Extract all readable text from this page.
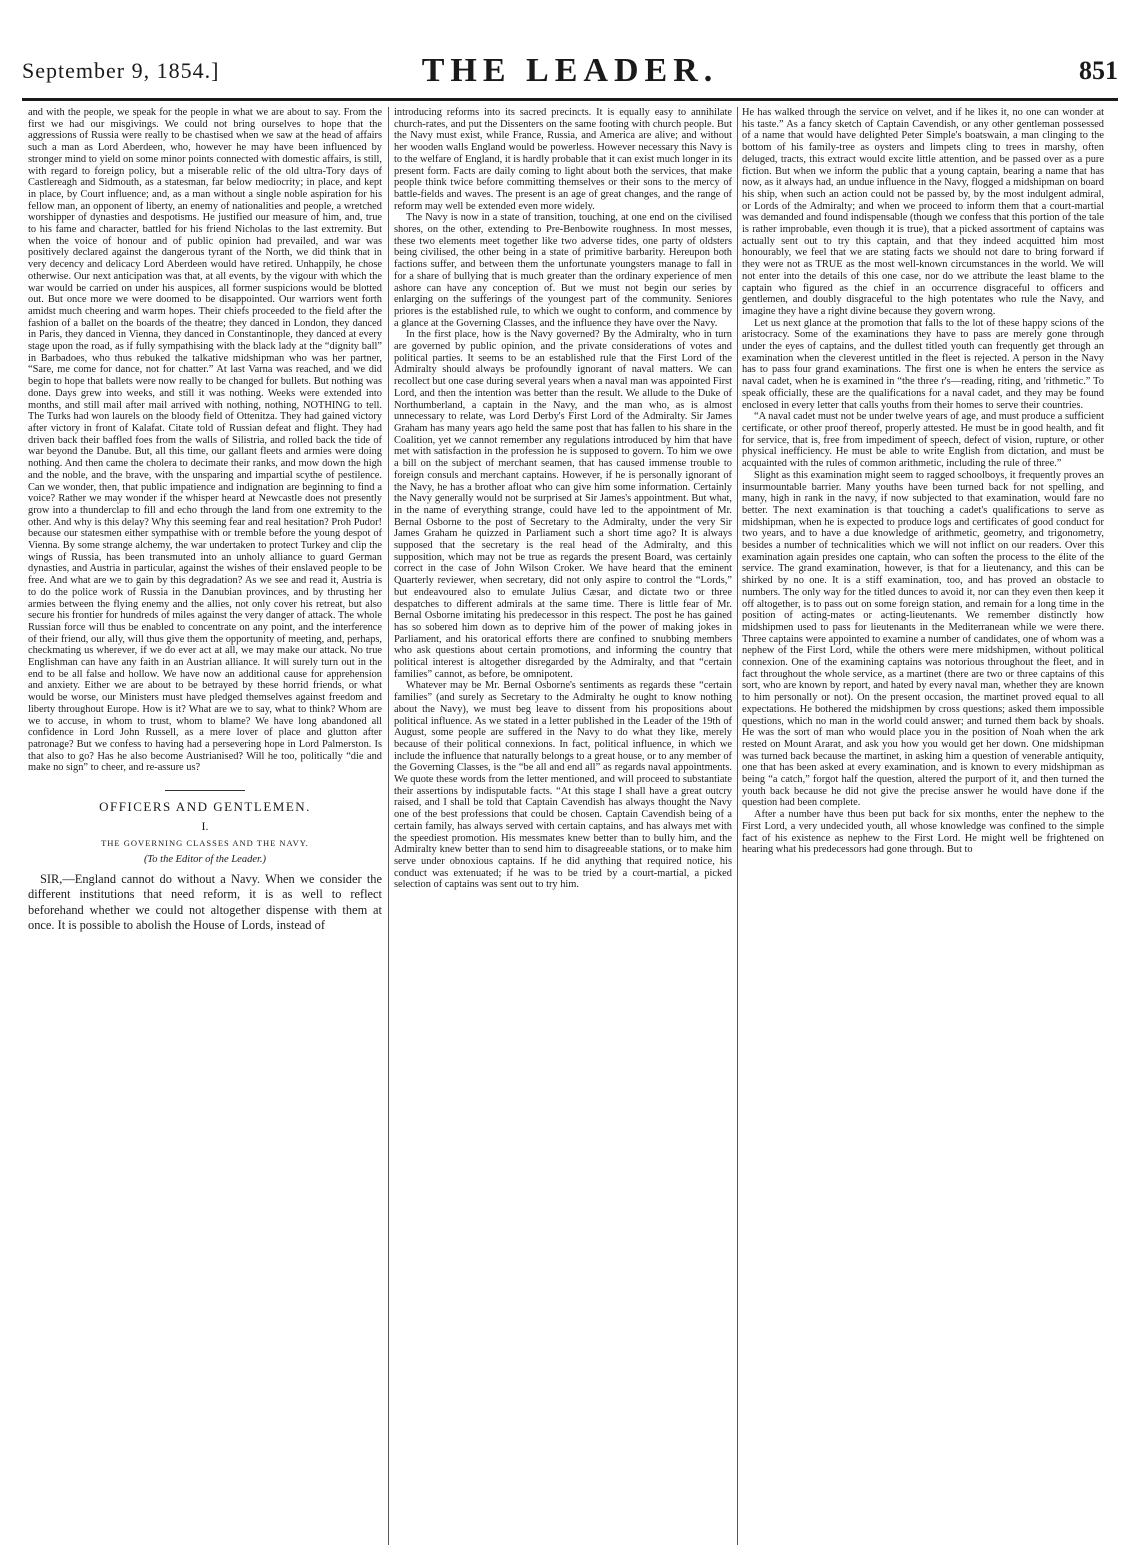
September 9, 1854.]	THE LEADER.	851

and with the people, we speak for the people in what we are about to say. From the first we had our misgivings. We could not bring ourselves to hope that the aggressions of Russia were really to be chastised when we saw at the head of affairs such a man as Lord Aberdeen, who, however he may have been influenced by stronger mind to yield on some minor points connected with domestic affairs, is still, with regard to foreign policy, but a miserable relic of the old ultra-Tory days of Castlereagh and Sidmouth, as a statesman, far below mediocrity; in place, and kept in place, by Court influence; and, as a man without a single noble aspiration for his fellow man, an opponent of liberty, an enemy of nationalities and people, a wretched worshipper of dynasties and despotisms. He justified our measure of him, and, true to his fame and character, battled for his friend Nicholas to the last extremity. But when the voice of honour and of public opinion had prevailed, and war was positively declared against the dangerous tyrant of the North, we did think that in very decency and delicacy Lord Aberdeen would have retired. Unhappily, he chose otherwise. Our next anticipation was that, at all events, by the vigour with which the war would be carried on under his auspices, all former suspicions would be blotted out. But once more we were doomed to be disappointed. Our warriors went forth amidst much cheering and warm hopes. Their chiefs proceeded to the field after the fashion of a ballet on the boards of the theatre; they danced in London, they danced in Paris, they danced in Vienna, they danced in Constantinople, they danced at every stage upon the road, as if fully sympathising with the black lady at the “dignity ball” in Barbadoes, who thus rebuked the talkative midshipman who was her partner, “Sare, me come for dance, not for chatter.” At last Varna was reached, and we did begin to hope that ballets were now really to be changed for bullets. But nothing was done. Days grew into weeks, and still it was nothing. Weeks were extended into months, and still mail after mail arrived with nothing, nothing, NOTHING to tell. The Turks had won laurels on the bloody field of Ottenitza. They had gained victory after victory in front of Kalafat. Citate told of Russian defeat and flight. They had driven back their baffled foes from the walls of Silistria, and rolled back the tide of war beyond the Danube. But, all this time, our gallant fleets and armies were doing nothing. And then came the cholera to decimate their ranks, and mow down the high and the noble, and the brave, with the unsparing and impartial scythe of pestilence. Can we wonder, then, that public impatience and indignation are beginning to find a voice? Rather we may wonder if the whisper heard at Newcastle does not presently grow into a thunderclap to fill and echo through the land from one extremity to the other. And why is this delay? Why this seeming fear and real hesitation? Proh Pudor! because our statesmen either sympathise with or tremble before the young despot of Vienna. By some strange alchemy, the war undertaken to protect Turkey and clip the wings of Russia, has been transmuted into an unholy alliance to guard German dynasties, and Austria in particular, against the wishes of their enslaved people to be free. And what are we to gain by this degradation? As we see and read it, Austria is to do the police work of Russia in the Danubian provinces, and by thrusting her armies between the flying enemy and the allies, not only cover his retreat, but also secure his frontier for hundreds of miles against the very danger of attack. The whole Russian force will thus be enabled to concentrate on any point, and the interference of their friend, our ally, will thus give them the opportunity of meeting, and, perhaps, checkmating us wherever, if we do ever act at all, we may make our attack. No true Englishman can have any faith in an Austrian alliance. It will surely turn out in the end to be all false and hollow. We have now an additional cause for apprehension and anxiety. Either we are about to be betrayed by these horrid friends, or what would be worse, our Ministers must have pledged themselves against freedom and liberty throughout Europe. How is it? What are we to say, what to think? Whom are we to accuse, in whom to trust, whom to blame? We have long abandoned all confidence in Lord John Russell, as a mere lover of place and glutton after patronage? But we confess to having had a persevering hope in Lord Palmerston. Is that also to go? Has he also become Austrianised? Will he too, politically “die and make no sign” to cheer, and re-assure us?

OFFICERS AND GENTLEMEN.
I.
THE GOVERNING CLASSES AND THE NAVY.
(To the Editor of the Leader.)

SIR,—England cannot do without a Navy. When we consider the different institutions that need reform, it is as well to reflect beforehand whether we could not altogether dispense with them at once. It is possible to abolish the House of Lords, instead of

introducing reforms into its sacred precincts. It is equally easy to annihilate church-rates, and put the Dissenters on the same footing with church people. But the Navy must exist, while France, Russia, and America are alive; and without her wooden walls England would be powerless. However necessary this Navy is to the welfare of England, it is hardly probable that it can exist much longer in its present form. Facts are daily coming to light about both the services, that make people think twice before committing themselves or their sons to the mercy of battle-fields and waves. The present is an age of great changes, and the range of reform may well be extended even more widely.

The Navy is now in a state of transition, touching, at one end on the civilised shores, on the other, extending to Pre-Benbowite roughness. In most messes, these two elements meet together like two adverse tides, one party of oldsters being civilised, the other being in a state of primitive barbarity. Hereupon both factions suffer, and between them the unfortunate youngsters manage to fall in for a share of bullying that is much greater than the ordinary experience of men ashore can have any conception of. But we must not begin our series by enlarging on the sufferings of the youngest part of the community. Seniores priores is the established rule, to which we ought to conform, and commence by a glance at the Governing Classes, and the influence they have over the Navy.

In the first place, how is the Navy governed? By the Admiralty, who in turn are governed by public opinion, and the private considerations of votes and political parties. It seems to be an established rule that the First Lord of the Admiralty should always be profoundly ignorant of naval matters. We can recollect but one case during several years when a naval man was appointed First Lord, and then the intention was better than the result. We allude to the Duke of Northumberland, a captain in the Navy, and the man who, as is almost unnecessary to relate, was Lord Derby's First Lord of the Admiralty. Sir James Graham has many years ago held the same post that has fallen to his share in the Coalition, yet we cannot remember any regulations introduced by him that have met with satisfaction in the profession he is supposed to govern. To him we owe a bill on the subject of merchant seamen, that has caused immense trouble to foreign consuls and merchant captains. However, if he is personally ignorant of the Navy, he has a brother afloat who can give him some information. Certainly the Navy generally would not be surprised at Sir James's appointment. But what, in the name of everything strange, could have led to the appointment of Mr. Bernal Osborne to the post of Secretary to the Admiralty, under the very Sir James Graham he quizzed in Parliament such a short time ago? It is always supposed that the secretary is the real head of the Admiralty, and this supposition, which may not be true as regards the present Board, was certainly correct in the case of John Wilson Croker. We have heard that the eminent Quarterly reviewer, when secretary, did not only aspire to control the “Lords,” but endeavoured also to emulate Julius Cæsar, and dictate two or three despatches to different admirals at the same time. There is little fear of Mr. Bernal Osborne imitating his predecessor in this respect. The post he has gained has so sobered him down as to deprive him of the power of making jokes in Parliament, and his oratorical efforts there are confined to snubbing members who ask questions about certain promotions, and informing the country that political interest is altogether disregarded by the Admiralty, and that “certain families” cannot, as before, be omnipotent.

Whatever may be Mr. Bernal Osborne's sentiments as regards these “certain families” (and surely as Secretary to the Admiralty he ought to know nothing about the Navy), we must beg leave to dissent from his propositions about political influence. As we stated in a letter published in the Leader of the 19th of August, some people are suffered in the Navy to do what they like, merely because of their political connexions. In fact, political influence, in which we include the influence that naturally belongs to a great house, or to any member of the Governing Classes, is the “be all and end all” as regards naval appointments. We quote these words from the letter mentioned, and will proceed to substantiate their assertions by indisputable facts. “At this stage I shall have a great outcry raised, and I shall be told that Captain Cavendish has always thought the Navy one of the best professions that could be chosen. Captain Cavendish being of a certain family, has always served with certain captains, and has always met with the speediest promotion. His messmates knew better than to bully him, and the Admiralty knew better than to send him to disagreeable stations, or to make him serve under obnoxious captains. If he did anything that required notice, his conduct was extenuated; if he was to be tried by a court-martial, a picked selection of captains was sent out to try him.

He has walked through the service on velvet, and if he likes it, no one can wonder at his taste.” As a fancy sketch of Captain Cavendish, or any other gentleman possessed of a name that would have delighted Peter Simple's boatswain, a man clinging to the bottom of his family-tree as oysters and limpets cling to trees in marshy, often deluged, tracts, this extract would excite little attention, and be passed over as a pure fiction. But when we inform the public that a young captain, bearing a name that has now, as it always had, an undue influence in the Navy, flogged a midshipman on board his ship, when such an action could not be passed by, by the most indulgent admiral, or Lords of the Admiralty; and when we proceed to inform them that a court-martial was demanded and found indispensable (though we confess that this portion of the tale is rather improbable, even though it is true), that a picked assortment of captains was actually sent out to try this captain, and that they indeed acquitted him most honourably, we feel that we are stating facts we should not dare to bring forward if they were not as TRUE as the most well-known circumstances in the world. We will not enter into the details of this one case, nor do we attribute the least blame to the captain who figured as the chief in an occurrence disgraceful to officers and gentlemen, and doubly disgraceful to the high potentates who rule the Navy, and imagine they have a right divine because they govern wrong.

Let us next glance at the promotion that falls to the lot of these happy scions of the aristocracy. Some of the examinations they have to pass are merely gone through under the eyes of captains, and the dullest titled youth can frequently get through an examination when the cleverest untitled in the fleet is rejected. A person in the Navy has to pass four grand examinations. The first one is when he enters the service as naval cadet, when he is examined in “the three r's—reading, riting, and 'rithmetic.” To speak officially, these are the qualifications for a naval cadet, and they may be found enclosed in every letter that calls youths from their homes to serve their countries.

“A naval cadet must not be under twelve years of age, and must produce a sufficient certificate, or other proof thereof, properly attested. He must be in good health, and fit for service, that is, free from impediment of speech, defect of vision, rupture, or other physical inefficiency. He must be able to write English from dictation, and must be acquainted with the rules of common arithmetic, including the rule of three.”

Slight as this examination might seem to ragged schoolboys, it frequently proves an insurmountable barrier. Many youths have been turned back for not spelling, and many, high in rank in the navy, if now subjected to that examination, would fare no better. The next examination is that touching a cadet's qualifications to serve as midshipman, when he is expected to produce logs and certificates of good conduct for two years, and to have a due knowledge of arithmetic, geometry, and trigonometry, besides a number of technicalities which we will not inflict on our readers. Over this examination again presides one captain, who can soften the process to the élite of the service. The grand examination, however, is that for a lieutenancy, and this can be shirked by no one. It is a stiff examination, too, and has proved an obstacle to numbers. The only way for the titled dunces to avoid it, nor can they even then keep it off altogether, is to pass out on some foreign station, and remain for a long time in the position of acting-mates or acting-lieutenants. We remember distinctly how midshipmen used to pass for lieutenants in the Mediterranean while we were there. Three captains were appointed to examine a number of candidates, one of whom was a nephew of the First Lord, while the others were mere midshipmen, without political connexion. One of the examining captains was notorious throughout the fleet, and in fact throughout the whole service, as a martinet (there are two or three captains of this sort, who are known by report, and hated by every naval man, whether they are known to him personally or not). On the present occasion, the martinet proved equal to all expectations. He bothered the midshipmen by cross questions; asked them impossible questions, which no man in the world could answer; and turned them back by shoals. He was the sort of man who would place you in the position of Noah when the ark rested on Mount Ararat, and ask you how you would get her down. One midshipman was turned back because the martinet, in asking him a question of venerable antiquity, one that has been asked at every examination, and is known to every midshipman as being “a catch,” forgot half the question, altered the purport of it, and then turned the youth back because he did not give the precise answer he would have done if the question had been complete.

After a number have thus been put back for six months, enter the nephew to the First Lord, a very undecided youth, all whose knowledge was confined to the simple fact of his existence as nephew to the First Lord. He might well be frightened on hearing what his predecessors had gone through. But to
